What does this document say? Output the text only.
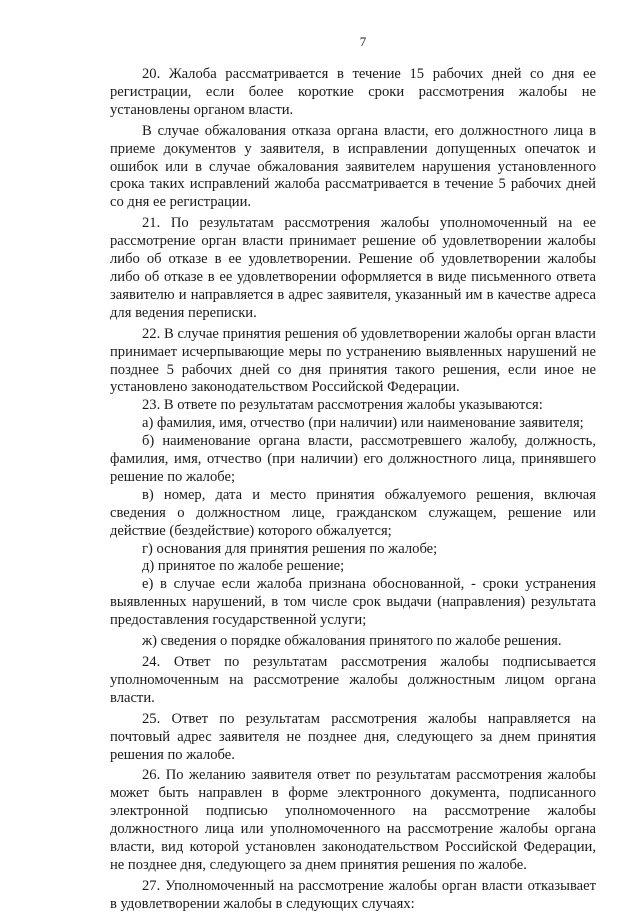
7

20. Жалоба рассматривается в течение 15 рабочих дней со дня ее регистрации, если более короткие сроки рассмотрения жалобы не установлены органом власти.

В случае обжалования отказа органа власти, его должностного лица в приеме документов у заявителя, в исправлении допущенных опечаток и ошибок или в случае обжалования заявителем нарушения установленного срока таких исправлений жалоба рассматривается в течение 5 рабочих дней со дня ее регистрации.

21. По результатам рассмотрения жалобы уполномоченный на ее рассмотрение орган власти принимает решение об удовлетворении жалобы либо об отказе в ее удовлетворении. Решение об удовлетворении жалобы либо об отказе в ее удовлетворении оформляется в виде письменного ответа заявителю и направляется в адрес заявителя, указанный им в качестве адреса для ведения переписки.

22. В случае принятия решения об удовлетворении жалобы орган власти принимает исчерпывающие меры по устранению выявленных нарушений не позднее 5 рабочих дней со дня принятия такого решения, если иное не установлено законодательством Российской Федерации.

23. В ответе по результатам рассмотрения жалобы указываются:

а) фамилия, имя, отчество (при наличии) или наименование заявителя;

б) наименование органа власти, рассмотревшего жалобу, должность, фамилия, имя, отчество (при наличии) его должностного лица, принявшего решение по жалобе;

в) номер, дата и место принятия обжалуемого решения, включая сведения о должностном лице, гражданском служащем, решение или действие (бездействие) которого обжалуется;

г) основания для принятия решения по жалобе;

д) принятое по жалобе решение;

е) в случае если жалоба признана обоснованной, - сроки устранения выявленных нарушений, в том числе срок выдачи (направления) результата предоставления государственной услуги;

ж) сведения о порядке обжалования принятого по жалобе решения.

24. Ответ по результатам рассмотрения жалобы подписывается уполномоченным на рассмотрение жалобы должностным лицом органа власти.

25. Ответ по результатам рассмотрения жалобы направляется на почтовый адрес заявителя не позднее дня, следующего за днем принятия решения по жалобе.

26. По желанию заявителя ответ по результатам рассмотрения жалобы может быть направлен в форме электронного документа, подписанного электронной подписью уполномоченного на рассмотрение жалобы должностного лица или уполномоченного на рассмотрение жалобы органа власти, вид которой установлен законодательством Российской Федерации, не позднее дня, следующего за днем принятия решения по жалобе.

27. Уполномоченный на рассмотрение жалобы орган власти отказывает в удовлетворении жалобы в следующих случаях:
